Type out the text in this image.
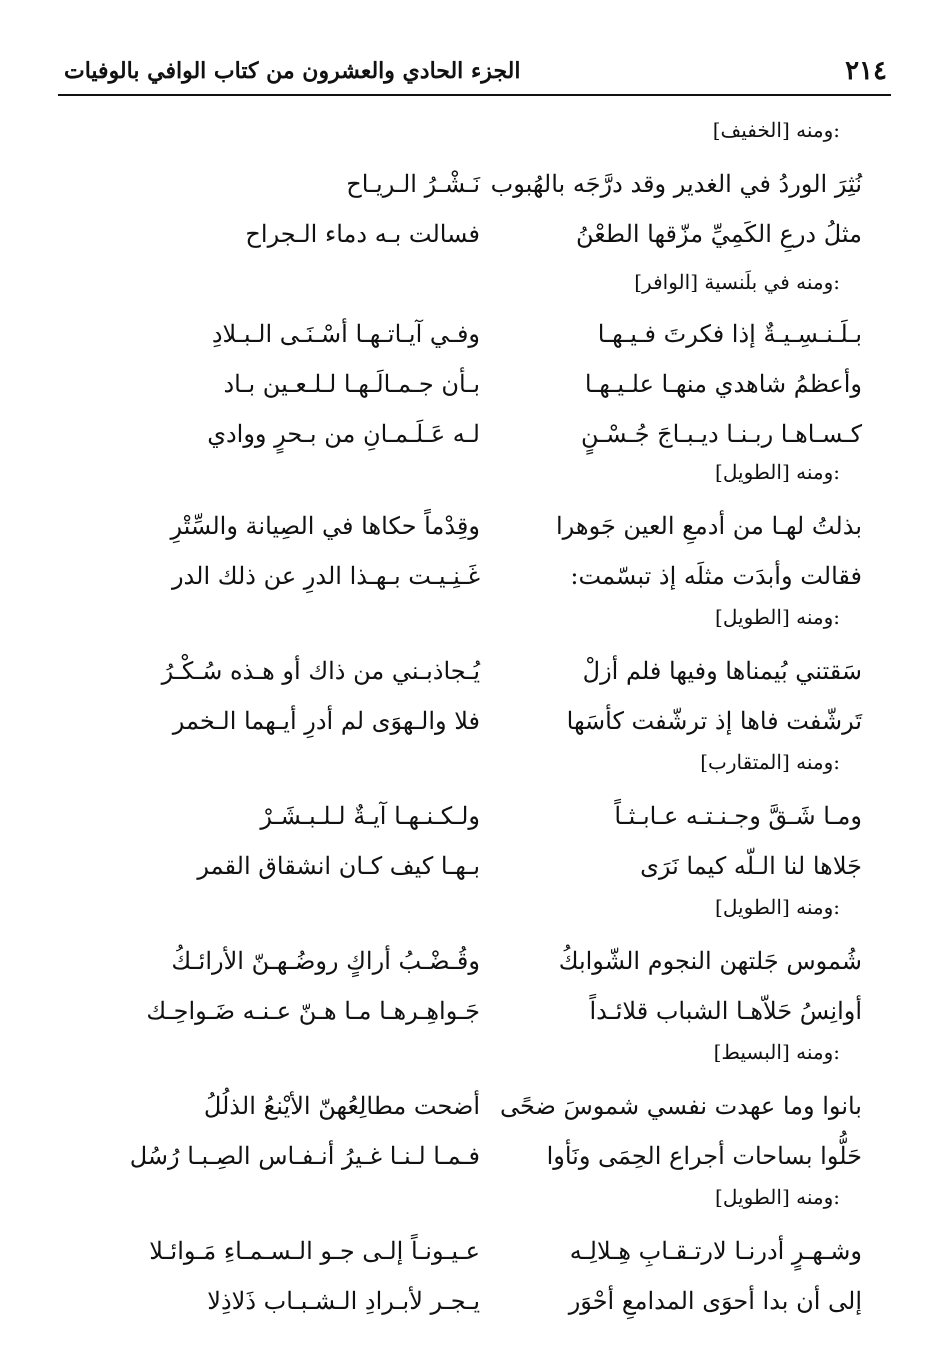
٢١٤
الجزء الحادي والعشرون من كتاب الوافي بالوفيات
ومنه [الخفيف]:
نُثِرَ الوردُ في الغدير وقد درَّجَه بالهُبوب
نَـشْـرُ الـريـاح
مثلُ درعِ الكَمِيِّ مزّقها الطعْنُ
فسالت بـه دماء الـجراح
ومنه في بلَنسية [الوافر]:
بـلَـنـسِـيـةٌ إذا فكرتَ فـيـهـا
وفـي آيـاتـهـا أسْـنَـى الـبـلادِ
وأعظمُ شاهدي منهـا علـيـهـا
بـأن جـمـالَـهـا لـلـعـين بـاد
كـسـاهـا ربـنـا ديـبـاجَ جُـسْـنٍ
لـه عَـلَـمـانِ من بـحرٍ ووادي
ومنه [الطويل]:
بذلتُ لهـا من أدمعِ العين جَوهرا
وقِدْماً حكاها في الصِيانة والسِّتْرِ
فقالت وأبدَت مثلَه إذ تبسّمت:
غَـنِـيـت بـهـذا الدرِ عن ذلك الدر
ومنه [الطويل]:
سَقتني بُيمناها وفيها فلم أزلْ
يُـجاذبـني من ذاك أو هـذه سُـكْـرُ
تَرشّفت فاها إذ ترشّفت كأسَها
فلا والـهوَى لم أدرِ أيـهما الـخمر
ومنه [المتقارب]:
ومـا شَـقَّ وجـنـتـه عـابـثـاً
ولـكـنـهـا آيـةٌ لـلـبـشَـرْ
جَلاها لنا الـلّه كيما نَرَى
بـهـا كيف كـان انشقاق القمر
ومنه [الطويل]:
شُموس جَلتهن النجوم الشّوابكُ
وقُـضْـبُ أراكٍ روضُـهـنّ الأرائـكُ
أوانِسُ حَلاّهـا الشباب قلائـداً
جَـواهِـرهـا مـا هـنّ عـنـه ضَـواحِـك
ومنه [البسيط]:
بانوا وما عهدت نفسي شموسَ ضحًى
أضحت مطالِعُهنّ الأيْنعُ الذلُلُ
حَلُّوا بساحات أجراع الحِمَى ونَأوا
فـمـا لـنـا غـيرُ أنـفـاس الصِـبـا رُسُل
ومنه [الطويل]:
وشـهـرٍ أدرنـا لارتـقـابِ هِـلالِـه
عـيـونـاً إلـى جـو الـسـمـاءِ مَـوائـلا
إلى أن بدا أحوَى المدامعِ أحْوَر
يـجـر لأبـرادِ الـشـبـاب ذَلاذِلا
